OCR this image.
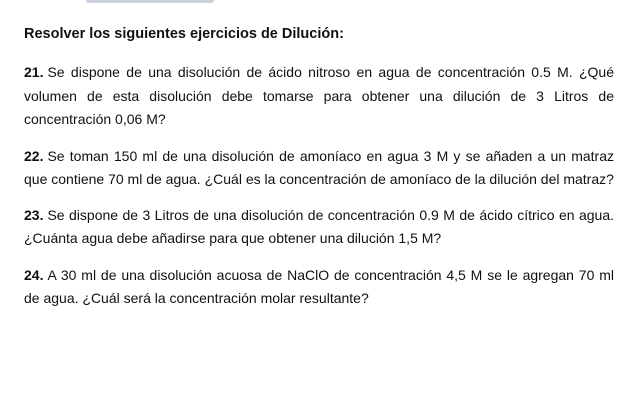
Resolver los siguientes ejercicios de Dilución:

21. Se dispone de una disolución de ácido nitroso en agua de concentración 0.5 M. ¿Qué volumen de esta disolución debe tomarse para obtener una dilución de 3 Litros de concentración 0,06 M?

22. Se toman 150 ml de una disolución de amoníaco en agua 3 M y se añaden a un matraz que contiene 70 ml de agua. ¿Cuál es la concentración de amoníaco de la dilución del matraz?

23. Se dispone de 3 Litros de una disolución de concentración 0.9 M de ácido cítrico en agua. ¿Cuánta agua debe añadirse para que obtener una dilución 1,5 M?

24. A 30 ml de una disolución acuosa de NaClO de concentración 4,5 M se le agregan 70 ml de agua. ¿Cuál será la concentración molar resultante?
